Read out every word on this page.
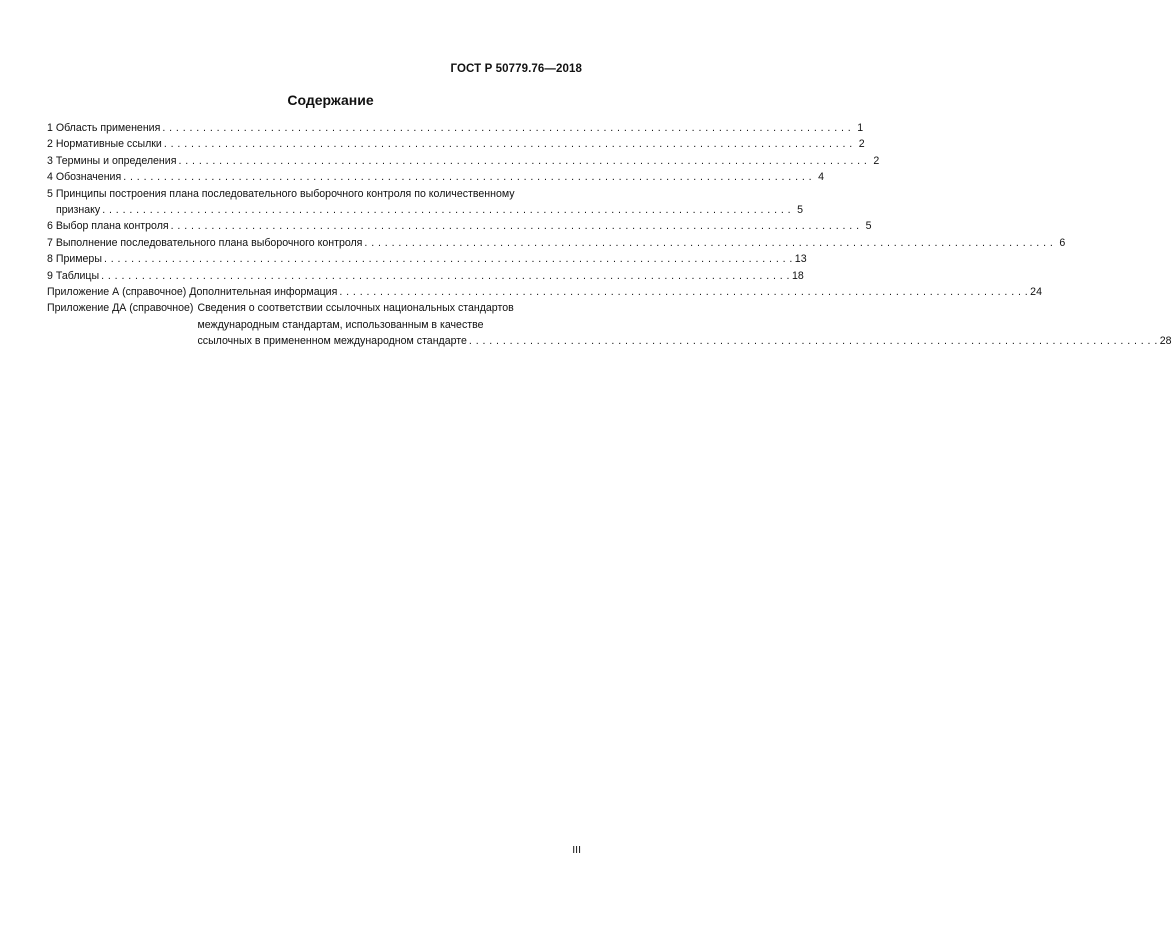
ГОСТ Р 50779.76—2018
Содержание
1 Область применения . . .	1
2 Нормативные ссылки . . .	2
3 Термины и определения . . .	2
4 Обозначения . . .	4
5 Принципы построения плана последовательного выборочного контроля по количественному
признаку . . .	5
6 Выбор плана контроля . . .	5
7 Выполнение последовательного плана выборочного контроля . . .	6
8 Примеры . . .	13
9 Таблицы . . .	18
Приложение А (справочное) Дополнительная информация . . .	24
Приложение ДА (справочное) Сведения о соответствии ссылочных национальных стандартов
международным стандартам, использованным в качестве
ссылочных в примененном международном стандарте . . .	28
III
